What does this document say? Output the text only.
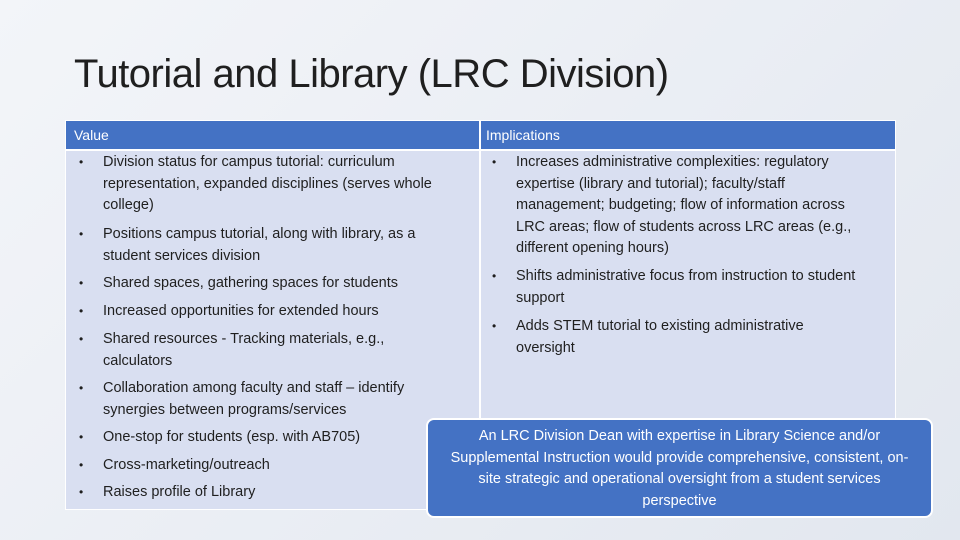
Tutorial and Library (LRC Division)
Value	Implications
• Division status for campus tutorial: curriculum representation, expanded disciplines (serves whole college)
• Positions campus tutorial, along with library, as a student services division
• Shared spaces, gathering spaces for students
• Increased opportunities for extended hours
• Shared resources - Tracking materials, e.g., calculators
• Collaboration among faculty and staff – identify synergies between programs/services
• One-stop for students (esp. with AB705)
• Cross-marketing/outreach
• Raises profile of Library
• Increases administrative complexities: regulatory expertise (library and tutorial); faculty/staff management; budgeting; flow of information across LRC areas; flow of students across LRC areas (e.g., different opening hours)
• Shifts administrative focus from instruction to student support
• Adds STEM tutorial to existing administrative oversight
An LRC Division Dean with expertise in Library Science and/or Supplemental Instruction would provide comprehensive, consistent, on-site strategic and operational oversight from a student services perspective
